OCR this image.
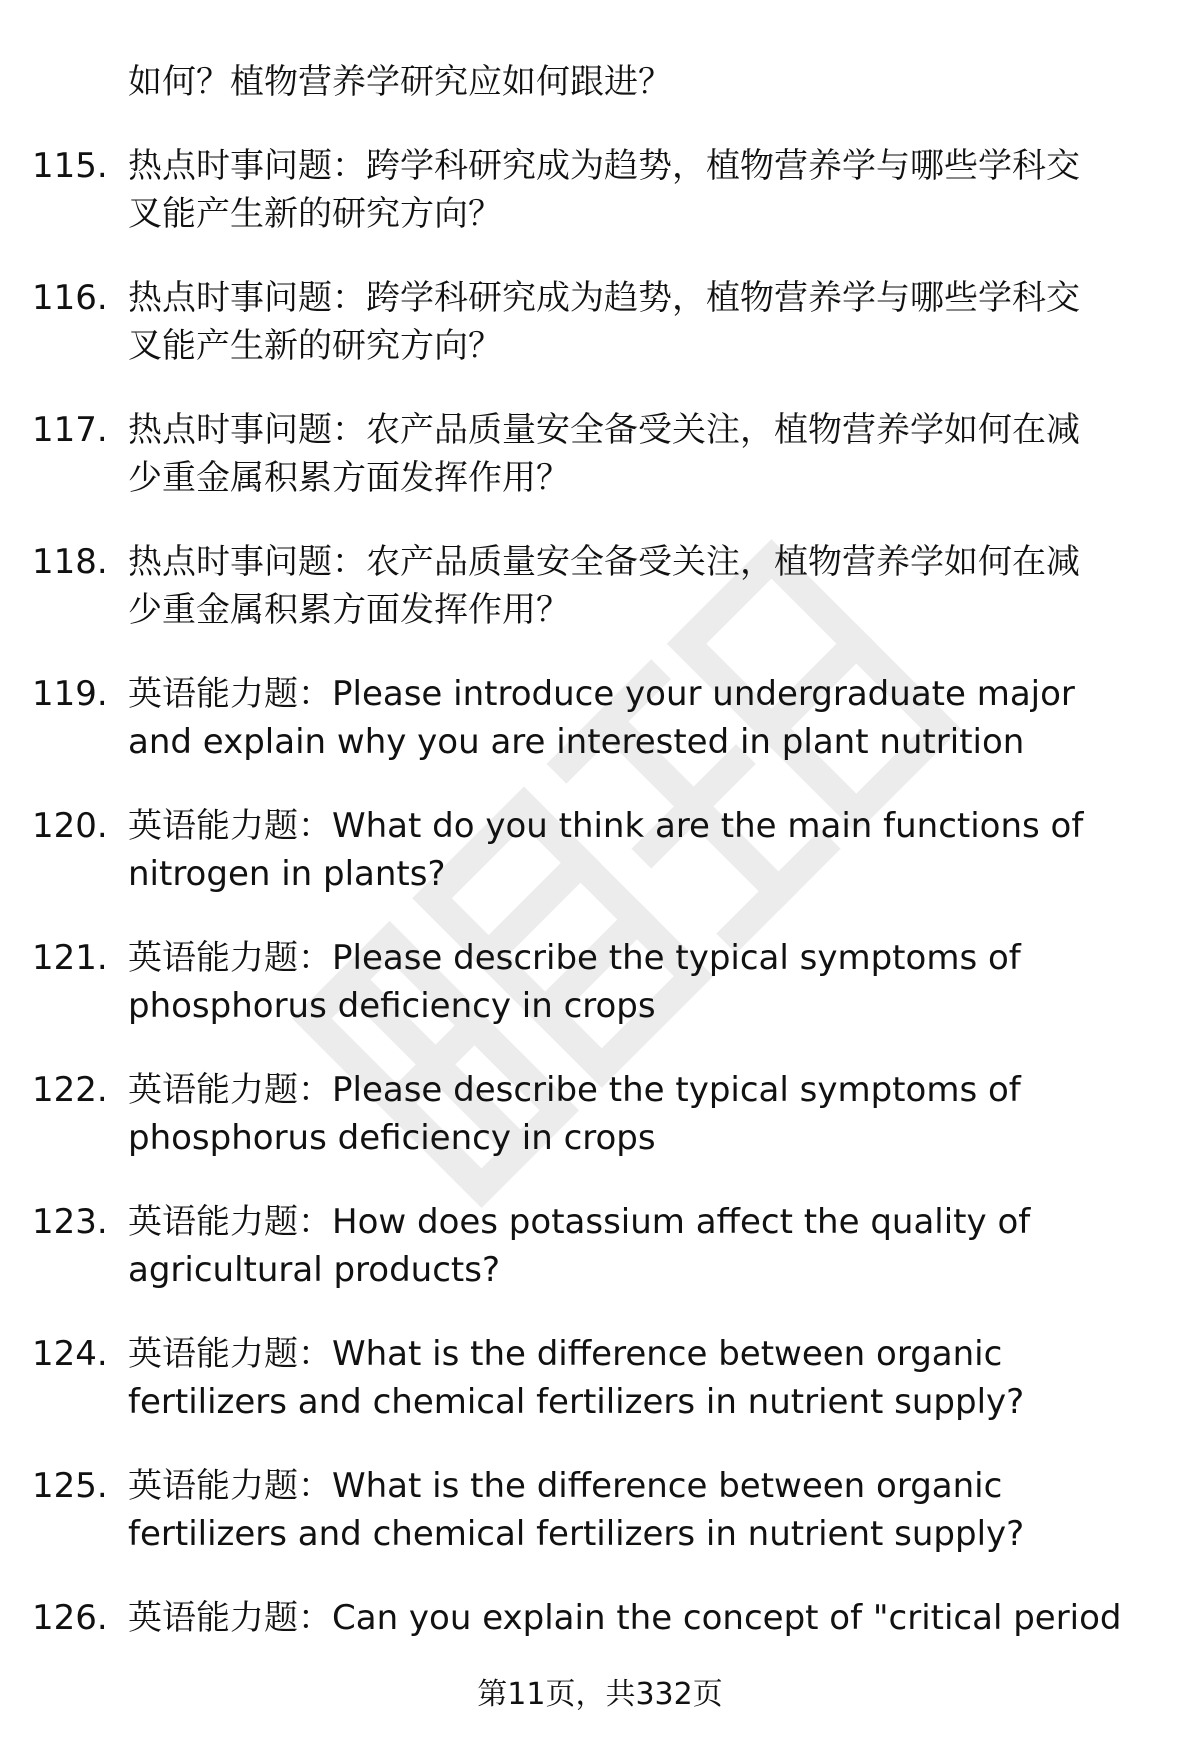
如何？植物营养学研究应如何跟进？
115. 热点时事问题：跨学科研究成为趋势，植物营养学与哪些学科交
叉能产生新的研究方向？
116. 热点时事问题：跨学科研究成为趋势，植物营养学与哪些学科交
叉能产生新的研究方向？
117. 热点时事问题：农产品质量安全备受关注，植物营养学如何在减
少重金属积累方面发挥作用？
118. 热点时事问题：农产品质量安全备受关注，植物营养学如何在减
少重金属积累方面发挥作用？
119. 英语能力题：Please introduce your undergraduate major
and explain why you are interested in plant nutrition
120. 英语能力题：What do you think are the main functions of
nitrogen in plants?
121. 英语能力题：Please describe the typical symptoms of
phosphorus deficiency in crops
122. 英语能力题：Please describe the typical symptoms of
phosphorus deficiency in crops
123. 英语能力题：How does potassium affect the quality of
agricultural products?
124. 英语能力题：What is the difference between organic
fertilizers and chemical fertilizers in nutrient supply?
125. 英语能力题：What is the difference between organic
fertilizers and chemical fertilizers in nutrient supply?
126. 英语能力题：Can you explain the concept of "critical period
第11页，共332页
